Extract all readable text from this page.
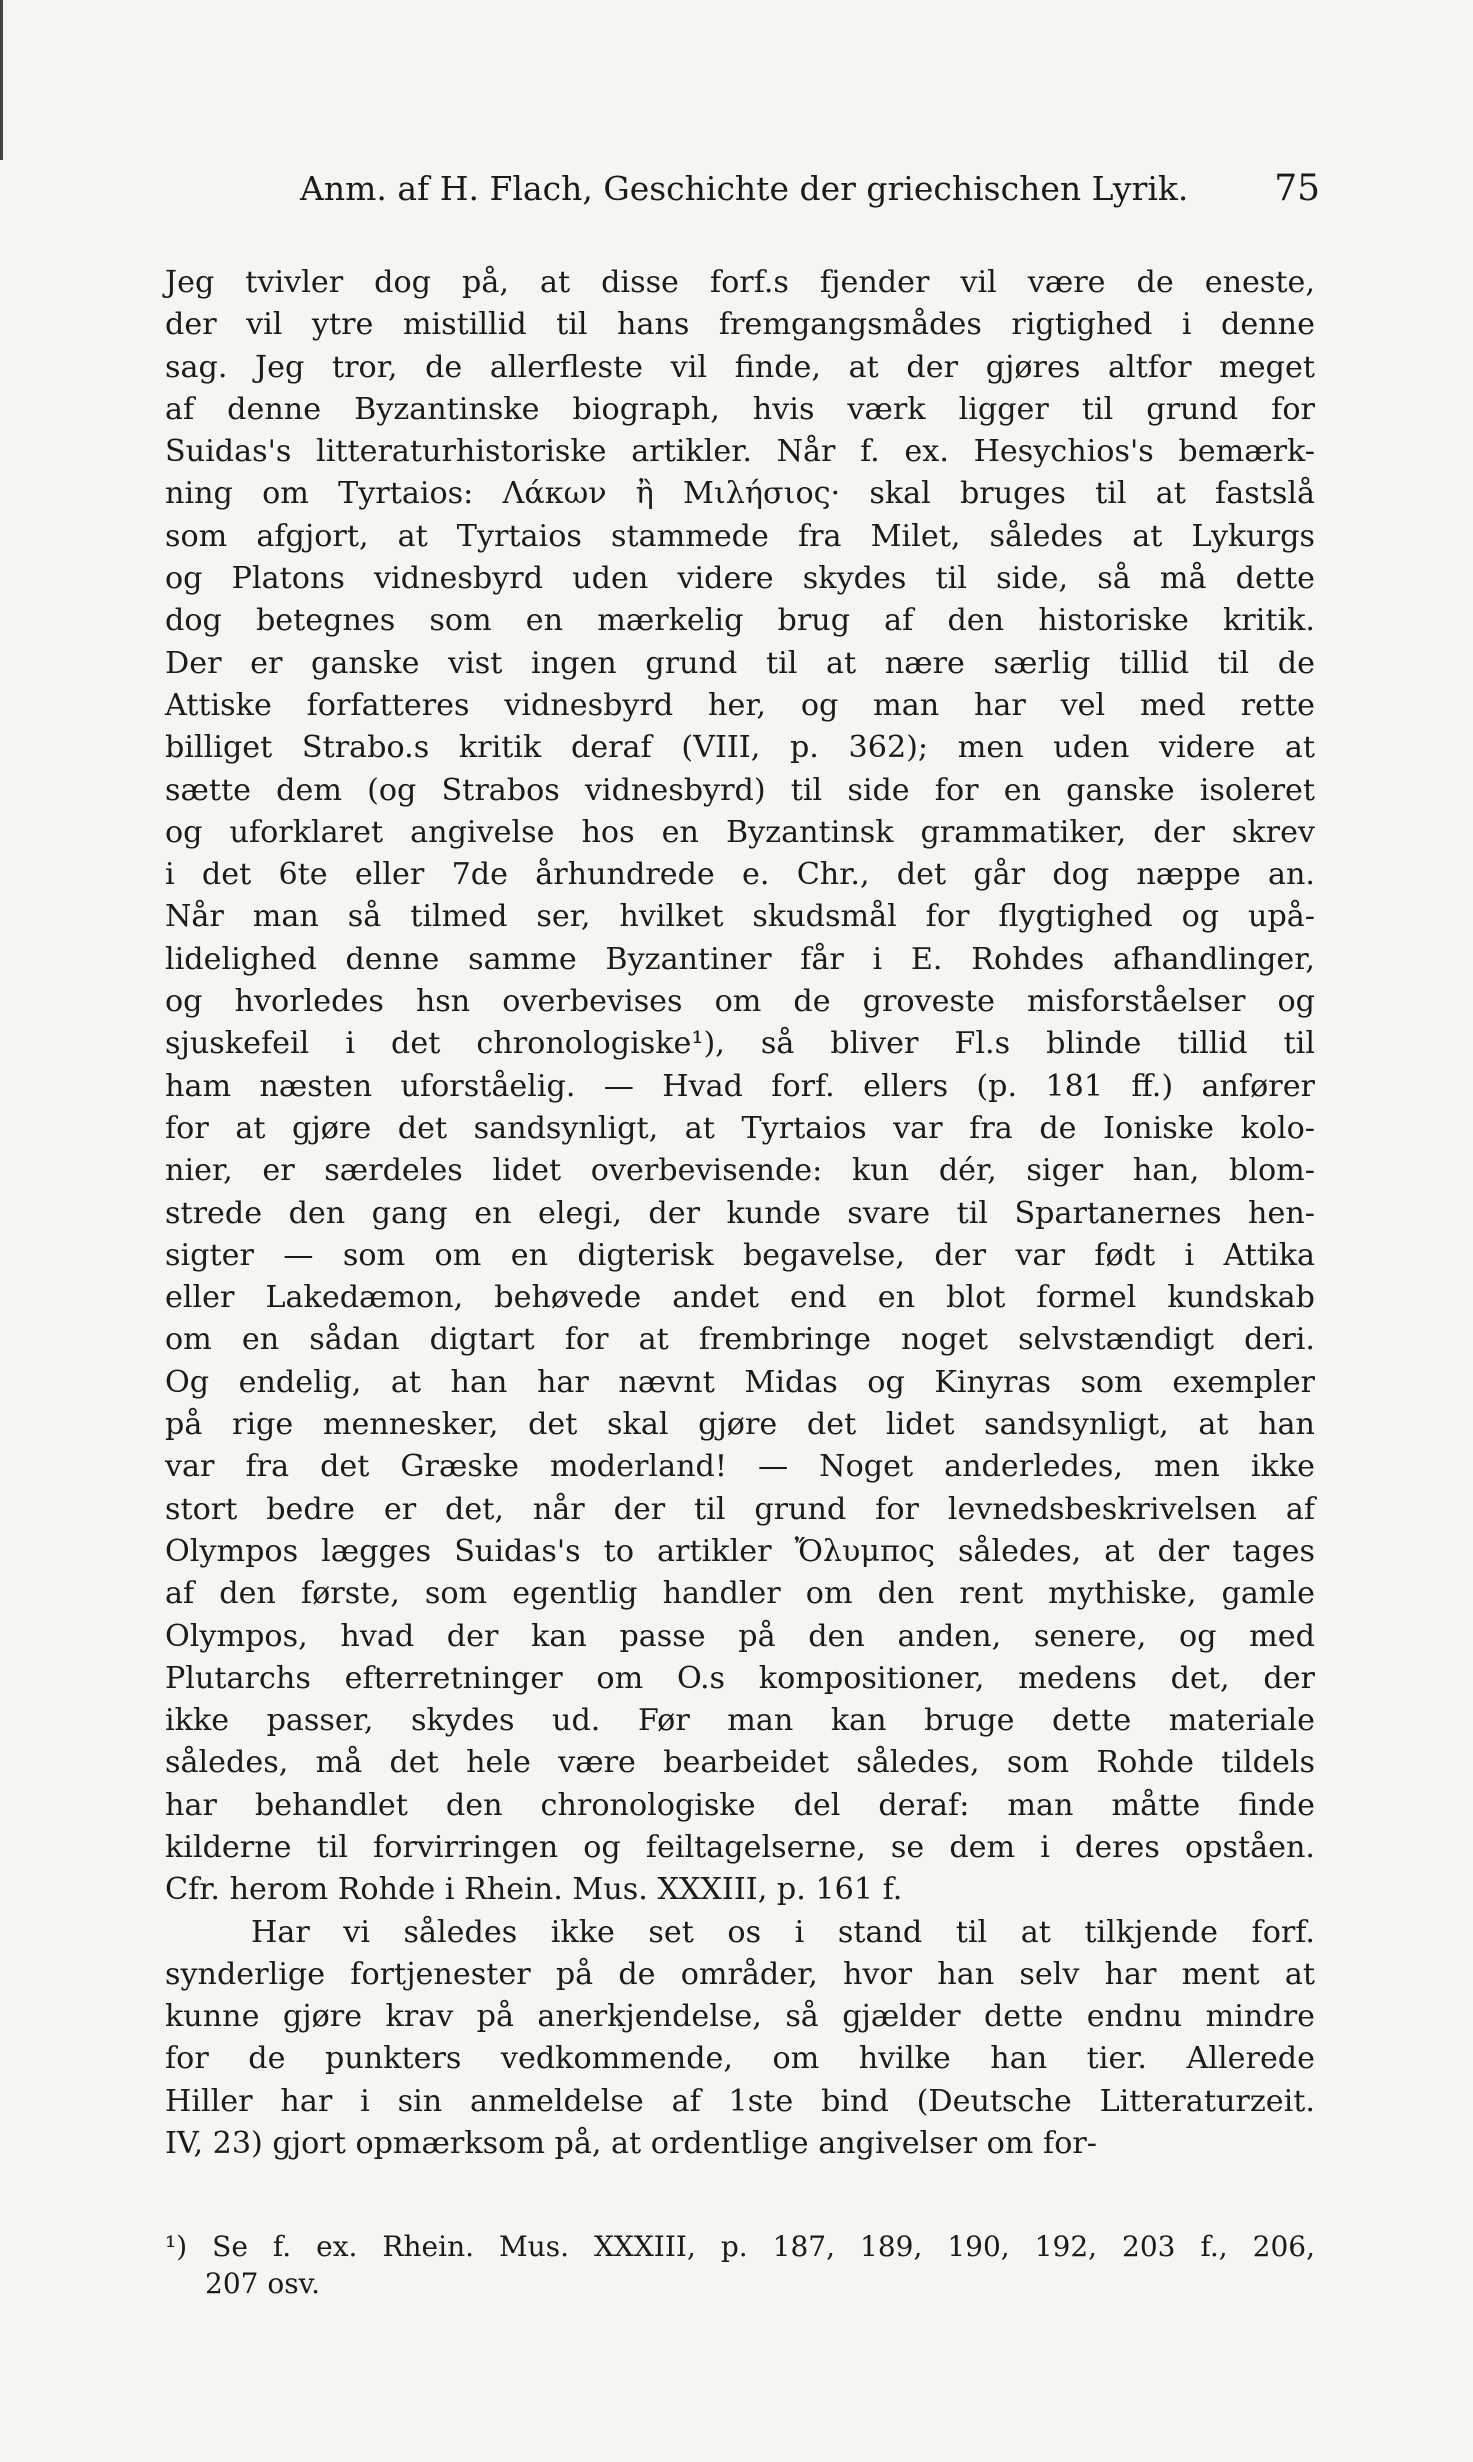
Anm. af H. Flach, Geschichte der griechischen Lyrik. 75
Jeg tvivler dog på, at disse forf.s fjender vil være de eneste,
der vil ytre mistillid til hans fremgangsmådes rigtighed i denne
sag. Jeg tror, de allerfleste vil finde, at der gjøres altfor meget
af denne Byzantinske biograph, hvis værk ligger til grund for
Suidas's litteraturhistoriske artikler. Når f. ex. Hesychios's bemærk-
ning om Tyrtaios: Λάκων ἢ Μιλήσιος· skal bruges til at fastslå
som afgjort, at Tyrtaios stammede fra Milet, således at Lykurgs
og Platons vidnesbyrd uden videre skydes til side, så må dette
dog betegnes som en mærkelig brug af den historiske kritik.
Der er ganske vist ingen grund til at nære særlig tillid til de
Attiske forfatteres vidnesbyrd her, og man har vel med rette
billiget Strabo.s kritik deraf (VIII, p. 362); men uden videre at
sætte dem (og Strabos vidnesbyrd) til side for en ganske isoleret
og uforklaret angivelse hos en Byzantinsk grammatiker, der skrev
i det 6te eller 7de århundrede e. Chr., det går dog næppe an.
Når man så tilmed ser, hvilket skudsmål for flygtighed og upå-
lidelighed denne samme Byzantiner får i E. Rohdes afhandlinger,
og hvorledes hsn overbevises om de groveste misforståelser og
sjuskefeil i det chronologiske¹), så bliver Fl.s blinde tillid til
ham næsten uforståelig. — Hvad forf. ellers (p. 181 ff.) anfører
for at gjøre det sandsynligt, at Tyrtaios var fra de Ioniske kolo-
nier, er særdeles lidet overbevisende: kun dér, siger han, blom-
strede den gang en elegi, der kunde svare til Spartanernes hen-
sigter — som om en digterisk begavelse, der var født i Attika
eller Lakedæmon, behøvede andet end en blot formel kundskab
om en sådan digtart for at frembringe noget selvstændigt deri.
Og endelig, at han har nævnt Midas og Kinyras som exempler
på rige mennesker, det skal gjøre det lidet sandsynligt, at han
var fra det Græske moderland! — Noget anderledes, men ikke
stort bedre er det, når der til grund for levnedsbeskrivelsen af
Olympos lægges Suidas's to artikler Ὄλυμπος således, at der tages
af den første, som egentlig handler om den rent mythiske, gamle
Olympos, hvad der kan passe på den anden, senere, og med
Plutarchs efterretninger om O.s kompositioner, medens det, der
ikke passer, skydes ud. Før man kan bruge dette materiale
således, må det hele være bearbeidet således, som Rohde tildels
har behandlet den chronologiske del deraf: man måtte finde
kilderne til forvirringen og feiltagelserne, se dem i deres opståen.
Cfr. herom Rohde i Rhein. Mus. XXXIII, p. 161 f.
Har vi således ikke set os i stand til at tilkjende forf.
synderlige fortjenester på de områder, hvor han selv har ment at
kunne gjøre krav på anerkjendelse, så gjælder dette endnu mindre
for de punkters vedkommende, om hvilke han tier. Allerede
Hiller har i sin anmeldelse af 1ste bind (Deutsche Litteraturzeit.
IV, 23) gjort opmærksom på, at ordentlige angivelser om for-
¹) Se f. ex. Rhein. Mus. XXXIII, p. 187, 189, 190, 192, 203 f., 206,
207 osv.
